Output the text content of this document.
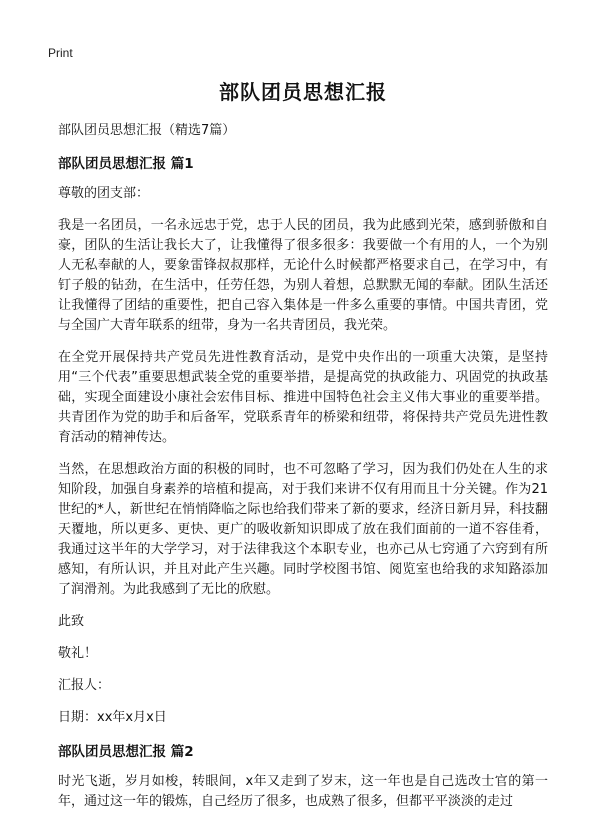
Print
部队团员思想汇报
部队团员思想汇报（精选7篇）
部队团员思想汇报 篇1
尊敬的团支部：

我是一名团员，一名永远忠于党，忠于人民的团员，我为此感到光荣，感到骄傲和自豪，团队的生活让我长大了，让我懂得了很多很多：我要做一个有用的人，一个为别人无私奉献的人，要象雷锋叔叔那样，无论什么时候都严格要求自己，在学习中，有钉子般的钻劲，在生活中，任劳任怨，为别人着想，总默默无闻的奉献。团队生活还让我懂得了团结的重要性，把自己容入集体是一件多么重要的事情。中国共青团，党与全国广大青年联系的纽带，身为一名共青团员，我光荣。

在全党开展保持共产党员先进性教育活动，是党中央作出的一项重大决策，是坚持用“三个代表”重要思想武装全党的重要举措，是提高党的执政能力、巩固党的执政基础，实现全面建设小康社会宏伟目标、推进中国特色社会主义伟大事业的重要举措。共青团作为党的助手和后备军，党联系青年的桥梁和纽带，将保持共产党员先进性教育活动的精神传达。

当然，在思想政治方面的积极的同时，也不可忽略了学习，因为我们仍处在人生的求知阶段，加强自身素养的培植和提高，对于我们来讲不仅有用而且十分关键。作为21世纪的*人，新世纪在悄悄降临之际也给我们带来了新的要求，经济日新月异，科技翻天覆地，所以更多、更快、更广的吸收新知识即成了放在我们面前的一道不容佳肴，我通过这半年的大学学习，对于法律我这个本职专业，也亦己从七窍通了六窍到有所感知，有所认识，并且对此产生兴趣。同时学校图书馆、阅览室也给我的求知路添加了润滑剂。为此我感到了无比的欣慰。

此致
敬礼！
汇报人：
日期：xx年x月x日
部队团员思想汇报 篇2

时光飞逝，岁月如梭，转眼间，x年又走到了岁末，这一年也是自己选改士官的第一年，通过这一年的锻炼，自己经历了很多，也成熟了很多，但都平平淡淡的走过
